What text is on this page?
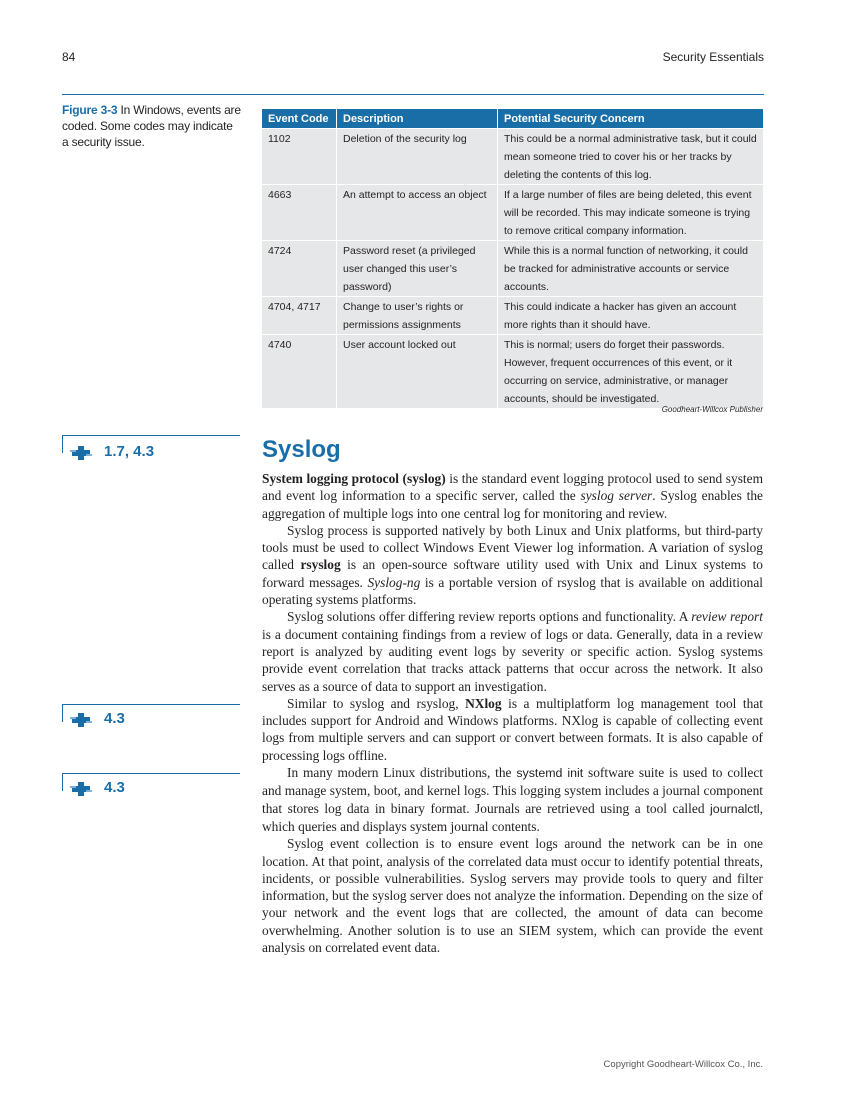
84	Security Essentials
Figure 3-3 In Windows, events are coded. Some codes may indicate a security issue.
Event Code	Description	Potential Security Concern
1102	Deletion of the security log	This could be a normal administrative task, but it could mean someone tried to cover his or her tracks by deleting the contents of this log.
4663	An attempt to access an object	If a large number of files are being deleted, this event will be recorded. This may indicate someone is trying to remove critical company information.
4724	Password reset (a privileged user changed this user’s password)	While this is a normal function of networking, it could be tracked for administrative accounts or service accounts.
4704, 4717	Change to user’s rights or permissions assignments	This could indicate a hacker has given an account more rights than it should have.
4740	User account locked out	This is normal; users do forget their passwords. However, frequent occurrences of this event, or it occurring on service, administrative, or manager accounts, should be investigated.
Goodheart-Willcox Publisher
1.7, 4.3
4.3
4.3
Syslog

System logging protocol (syslog) is the standard event logging protocol used to send system and event log information to a specific server, called the syslog server. Syslog enables the aggregation of multiple logs into one central log for monitoring and review.

Syslog process is supported natively by both Linux and Unix platforms, but third-party tools must be used to collect Windows Event Viewer log information. A variation of syslog called rsyslog is an open-source software utility used with Unix and Linux systems to forward messages. Syslog-ng is a portable version of rsyslog that is available on additional operating systems platforms.

Syslog solutions offer differing review reports options and functionality. A review report is a document containing findings from a review of logs or data. Generally, data in a review report is analyzed by auditing event logs by severity or specific action. Syslog systems provide event correlation that tracks attack patterns that occur across the network. It also serves as a source of data to support an investigation.

Similar to syslog and rsyslog, NXlog is a multiplatform log management tool that includes support for Android and Windows platforms. NXlog is capable of collecting event logs from multiple servers and can support or convert between formats. It is also capable of processing logs offline.

In many modern Linux distributions, the systemd init software suite is used to collect and manage system, boot, and kernel logs. This logging system includes a journal component that stores log data in binary format. Journals are retrieved using a tool called journalctl, which queries and displays system journal contents.

Syslog event collection is to ensure event logs around the network can be in one location. At that point, analysis of the correlated data must occur to identify potential threats, incidents, or possible vulnerabilities. Syslog servers may provide tools to query and filter information, but the syslog server does not analyze the information. Depending on the size of your network and the event logs that are collected, the amount of data can become overwhelming. Another solution is to use an SIEM system, which can provide the event analysis on correlated event data.

Copyright Goodheart-Willcox Co., Inc.
